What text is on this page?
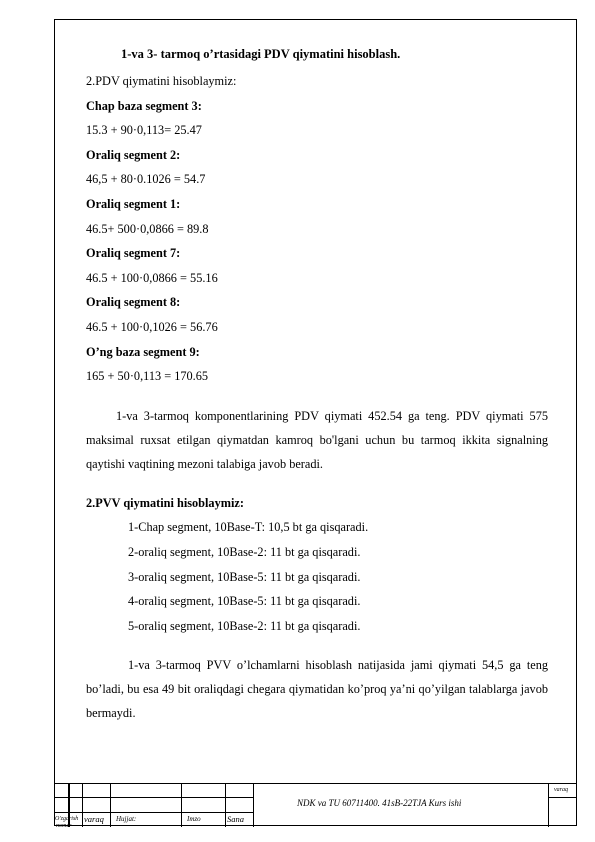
1-va 3- tarmoq o’rtasidagi PDV qiymatini hisoblash.
2.PDV qiymatini hisoblaymiz:
Chap baza segment 3:
15.3 + 90·0,113= 25.47
Oraliq segment 2:
46,5 + 80·0.1026 = 54.7
Oraliq segment 1:
46.5+ 500·0,0866 = 89.8
Oraliq segment 7:
46.5 + 100·0,0866 = 55.16
Oraliq segment 8:
46.5 + 100·0,1026 = 56.76
O’ng baza segment 9:
165 + 50·0,113 = 170.65
1-va 3-tarmoq komponentlarining PDV qiymati 452.54 ga teng. PDV qiymati 575 maksimal ruxsat etilgan qiymatdan kamroq bo'lgani uchun bu tarmoq ikkita signalning qaytishi vaqtining mezoni talabiga javob beradi.
2.PVV qiymatini hisoblaymiz:
1-Chap segment, 10Base-T: 10,5 bt ga qisqaradi.
2-oraliq segment, 10Base-2: 11 bt ga qisqaradi.
3-oraliq segment, 10Base-5: 11 bt ga qisqaradi.
4-oraliq segment, 10Base-5: 11 bt ga qisqaradi.
5-oraliq segment, 10Base-2: 11 bt ga qisqaradi.
1-va 3-tarmoq PVV o’lchamlarni hisoblash natijasida jami qiymati 54,5 ga teng bo’ladi, bu esa 49 bit oraliqdagi chegara qiymatidan ko’proq ya’ni qo’yilgan talablarga javob bermaydi.
O'zgarish
nomer
varaq Hujjat:	Imzo	Sana
NDK va TU 60711400. 41sB-22TJA Kurs ishi
varaq
